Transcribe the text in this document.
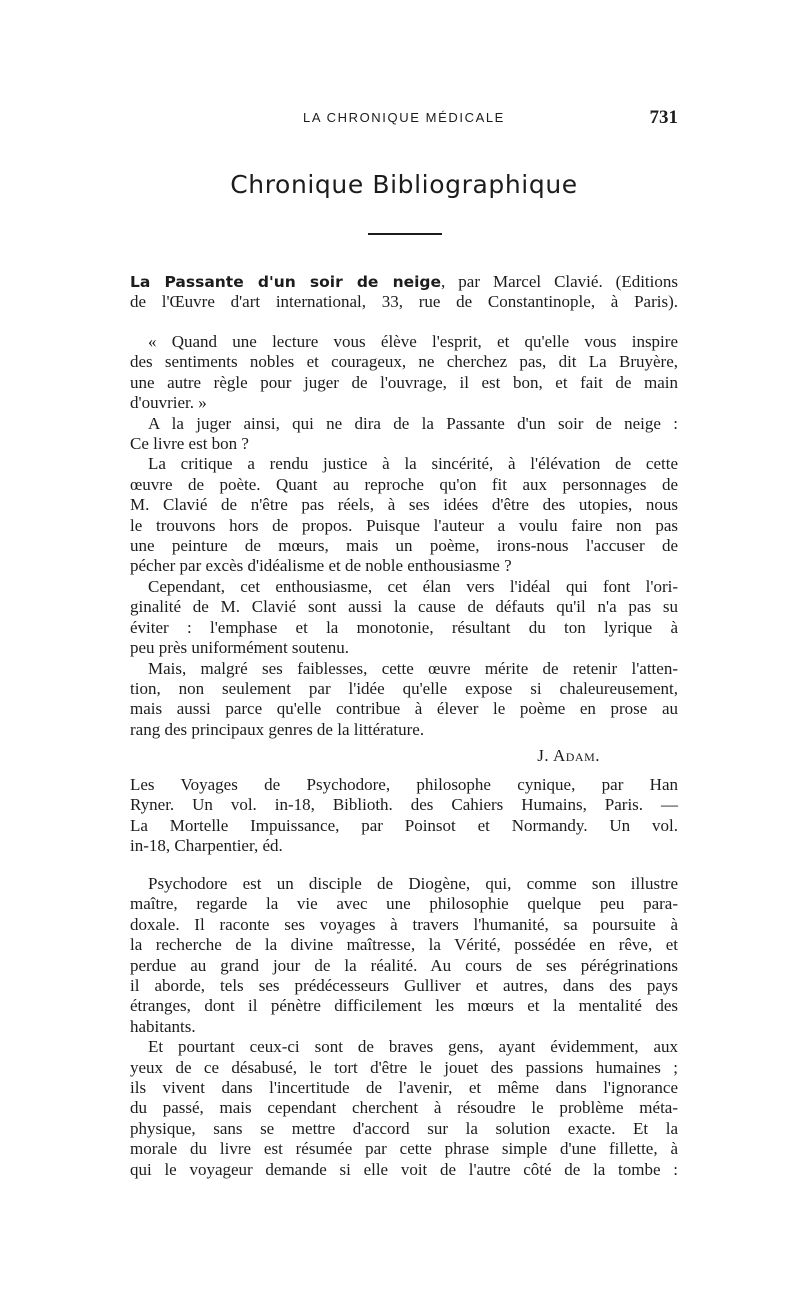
LA CHRONIQUE MÉDICALE	731
Chronique Bibliographique
La Passante d'un soir de neige, par Marcel Clavié. (Editions
de l'Œuvre d'art international, 33, rue de Constantinople, à Paris).
« Quand une lecture vous élève l'esprit, et qu'elle vous inspire
des sentiments nobles et courageux, ne cherchez pas, dit La Bruyère,
une autre règle pour juger de l'ouvrage, il est bon, et fait de main
d'ouvrier. »
A la juger ainsi, qui ne dira de la Passante d'un soir de neige :
Ce livre est bon ?
La critique a rendu justice à la sincérité, à l'élévation de cette
œuvre de poète. Quant au reproche qu'on fit aux personnages de
M. Clavié de n'être pas réels, à ses idées d'être des utopies, nous
le trouvons hors de propos. Puisque l'auteur a voulu faire non pas
une peinture de mœurs, mais un poème, irons-nous l'accuser de
pécher par excès d'idéalisme et de noble enthousiasme ?
Cependant, cet enthousiasme, cet élan vers l'idéal qui font l'ori-
ginalité de M. Clavié sont aussi la cause de défauts qu'il n'a pas su
éviter : l'emphase et la monotonie, résultant du ton lyrique à
peu près uniformément soutenu.
Mais, malgré ses faiblesses, cette œuvre mérite de retenir l'atten-
tion, non seulement par l'idée qu'elle expose si chaleureusement,
mais aussi parce qu'elle contribue à élever le poème en prose au
rang des principaux genres de la littérature.
J. Adam.
Les Voyages de Psychodore, philosophe cynique, par Han
Ryner. Un vol. in-18, Biblioth. des Cahiers Humains, Paris. —
La Mortelle Impuissance, par Poinsot et Normandy. Un vol.
in-18, Charpentier, éd.
Psychodore est un disciple de Diogène, qui, comme son illustre
maître, regarde la vie avec une philosophie quelque peu para-
doxale. Il raconte ses voyages à travers l'humanité, sa poursuite à
la recherche de la divine maîtresse, la Vérité, possédée en rêve, et
perdue au grand jour de la réalité. Au cours de ses pérégrinations
il aborde, tels ses prédécesseurs Gulliver et autres, dans des pays
étranges, dont il pénètre difficilement les mœurs et la mentalité des
habitants.
Et pourtant ceux-ci sont de braves gens, ayant évidemment, aux
yeux de ce désabusé, le tort d'être le jouet des passions humaines ;
ils vivent dans l'incertitude de l'avenir, et même dans l'ignorance
du passé, mais cependant cherchent à résoudre le problème méta-
physique, sans se mettre d'accord sur la solution exacte. Et la
morale du livre est résumée par cette phrase simple d'une fillette, à
qui le voyageur demande si elle voit de l'autre côté de la tombe :
